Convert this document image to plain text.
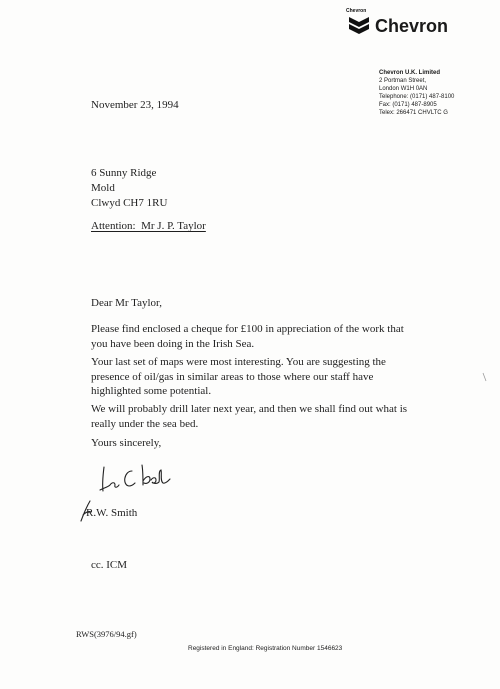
Chevron
Chevron
Chevron U.K. Limited
2 Portman Street,
London W1H 0AN
Telephone: (0171) 487-8100
Fax: (0171) 487-8905
Telex: 266471 CHVLTC G
November 23, 1994
6 Sunny Ridge
Mold
Clwyd CH7 1RU
Attention:  Mr J. P. Taylor
Dear Mr Taylor,
Please find enclosed a cheque for £100 in appreciation of the work that you have been doing in the Irish Sea.
Your last set of maps were most interesting. You are suggesting the presence of oil/gas in similar areas to those where our staff have highlighted some potential.
We will probably drill later next year, and then we shall find out what is really under the sea bed.
Yours sincerely,
R.W. Smith
cc. ICM
RWS(3976/94.gf)
Registered in England: Registration Number 1546623
